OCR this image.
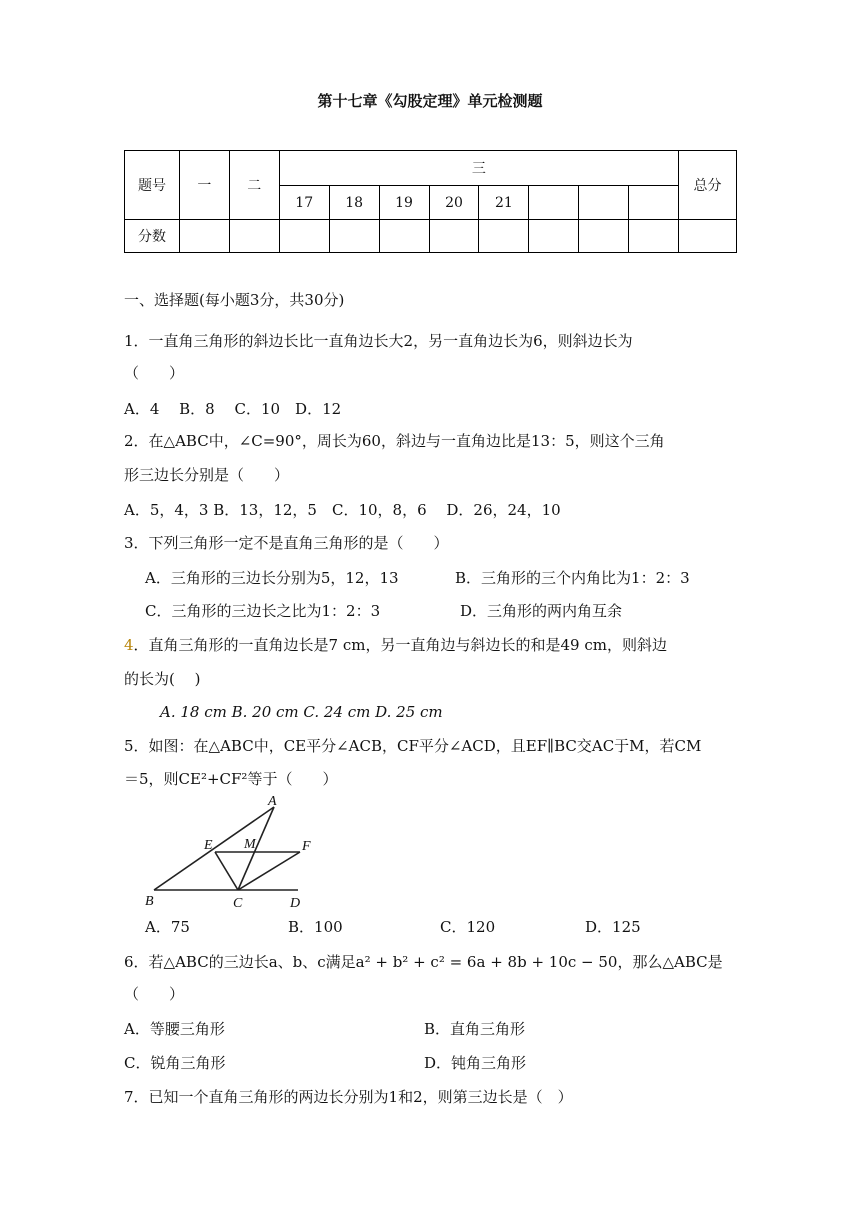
第十七章《勾股定理》单元检测题
题号	一	二	三								总分
			17	18	19	20	21				
分数											
一、选择题(每小题3分，共30分)
1．一直角三角形的斜边长比一直角边长大2，另一直角边长为6，则斜边长为
（　　）
A．4　 B．8　 C．10　D．12
2．在△ABC中，∠C=90°，周长为60，斜边与一直角边比是13：5，则这个三角
形三边长分别是（　　）
A．5，4，3 B．13，12，5　C．10，8，6　 D．26，24，10
3．下列三角形一定不是直角三角形的是（　　）
A．三角形的三边长分别为5，12，13	B．三角形的三个内角比为1：2：3
C．三角形的三边长之比为1：2：3	D．三角形的两内角互余
4．直角三角形的一直角边长是7 cm，另一直角边与斜边长的和是49 cm，则斜边
的长为(　 )
A. 18 cm B. 20 cm C. 24 cm D. 25 cm
5．如图：在△ABC中，CE平分∠ACB，CF平分∠ACD，且EF∥BC交AC于M，若CM
＝5，则CE²+CF²等于（　　）
A
E M	F
B	C	D
A．75	B．100	C．120	D．125
6．若△ABC的三边长a、b、c满足a² + b² + c² = 6a + 8b + 10c − 50，那么△ABC是
（　　）
A．等腰三角形	B．直角三角形
C．锐角三角形	D．钝角三角形
7．已知一个直角三角形的两边长分别为1和2，则第三边长是（　）
